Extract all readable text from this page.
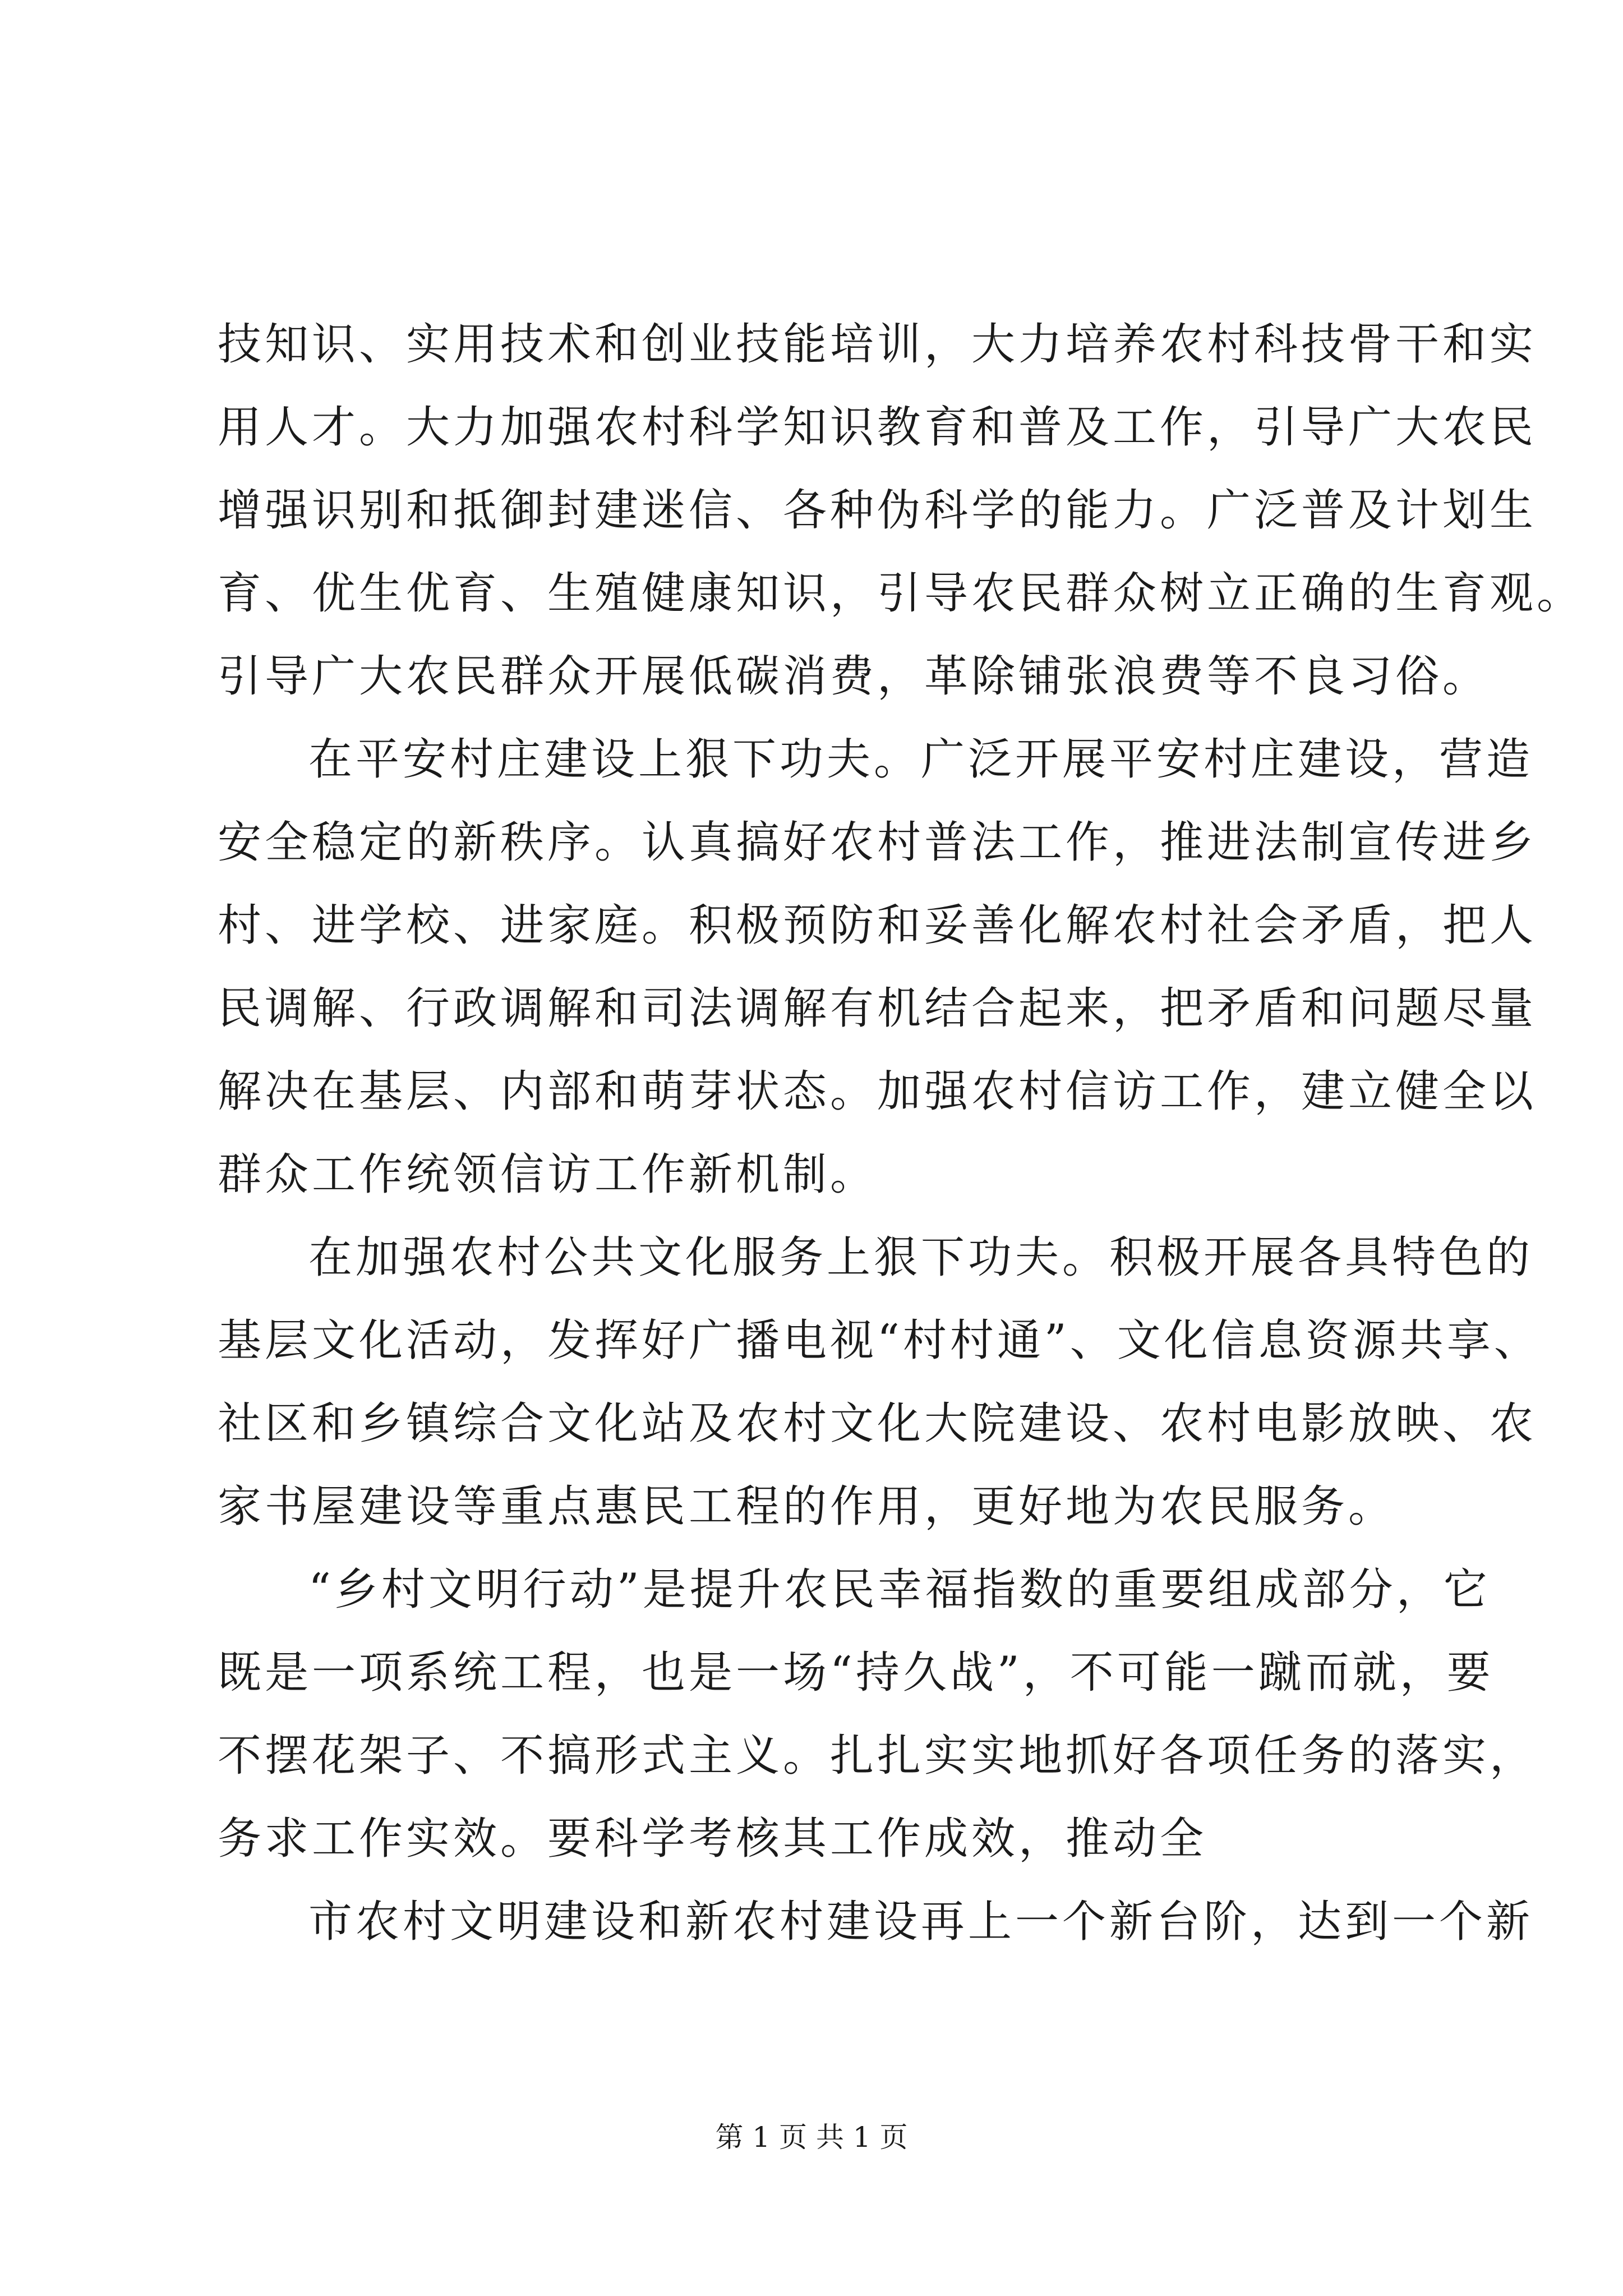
技知识、实用技术和创业技能培训，大力培养农村科技骨干和实
用人才。大力加强农村科学知识教育和普及工作，引导广大农民
增强识别和抵御封建迷信、各种伪科学的能力。广泛普及计划生
育、优生优育、生殖健康知识，引导农民群众树立正确的生育观。
引导广大农民群众开展低碳消费，革除铺张浪费等不良习俗。
在平安村庄建设上狠下功夫。广泛开展平安村庄建设，营造
安全稳定的新秩序。认真搞好农村普法工作，推进法制宣传进乡
村、进学校、进家庭。积极预防和妥善化解农村社会矛盾，把人
民调解、行政调解和司法调解有机结合起来，把矛盾和问题尽量
解决在基层、内部和萌芽状态。加强农村信访工作，建立健全以
群众工作统领信访工作新机制。
在加强农村公共文化服务上狠下功夫。积极开展各具特色的
基层文化活动，发挥好广播电视“村村通”、文化信息资源共享、
社区和乡镇综合文化站及农村文化大院建设、农村电影放映、农
家书屋建设等重点惠民工程的作用，更好地为农民服务。
“乡村文明行动”是提升农民幸福指数的重要组成部分，它
既是一项系统工程，也是一场“持久战”，不可能一蹴而就，要
不摆花架子、不搞形式主义。扎扎实实地抓好各项任务的落实，
务求工作实效。要科学考核其工作成效，推动全
市农村文明建设和新农村建设再上一个新台阶，达到一个新
第 1 页 共 1 页
